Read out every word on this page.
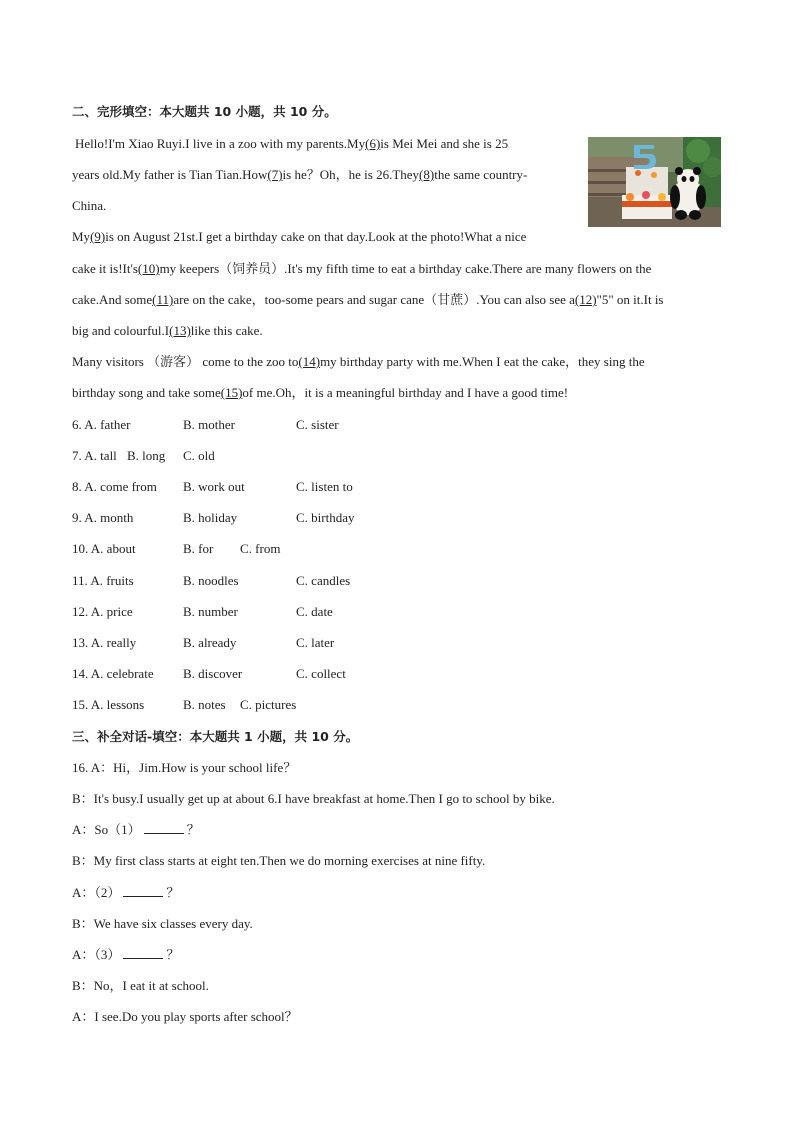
二、完形填空：本大题共 10 小题，共 10 分。
Hello!I'm Xiao Ruyi.I live in a zoo with my parents.My(6)is Mei Mei and she is 25
years old.My father is Tian Tian.How(7)is he？Oh，he is 26.They(8)the same country-
China.
My(9)is on August 21st.I get a birthday cake on that day.Look at the photo!What a nice
cake it is!It's(10)my keepers（饲养员）.It's my fifth time to eat a birthday cake.There are many flowers on the
cake.And some(11)are on the cake，too-some pears and sugar cane（甘蔗）.You can also see a(12)"5" on it.It is
big and colourful.I(13)like this cake.
Many visitors （游客） come to the zoo to(14)my birthday party with me.When I eat the cake，they sing the
birthday song and take some(15)of me.Oh，it is a meaningful birthday and I have a good time!
6. A. father	B. mother	C. sister
7. A. tall B. long C. old
8. A. come from B. work out	C. listen to
9. A. month	B. holiday	C. birthday
10. A. about	B. for C. from
11. A. fruits	B. noodles	C. candles
12. A. price	B. number	C. date
13. A. really	B. already	C. later
14. A. celebrate B. discover	C. collect
15. A. lessons	B. notes C. pictures
三、补全对话-填空：本大题共 1 小题，共 10 分。
16. A：Hi，Jim.How is your school life？
B：It's busy.I usually get up at about 6.I have breakfast at home.Then I go to school by bike.
A：So（1）	？
B：My first class starts at eight ten.Then we do morning exercises at nine fifty.
A：（2）	？
B：We have six classes every day.
A：（3）	？
B：No，I eat it at school.
A：I see.Do you play sports after school？
